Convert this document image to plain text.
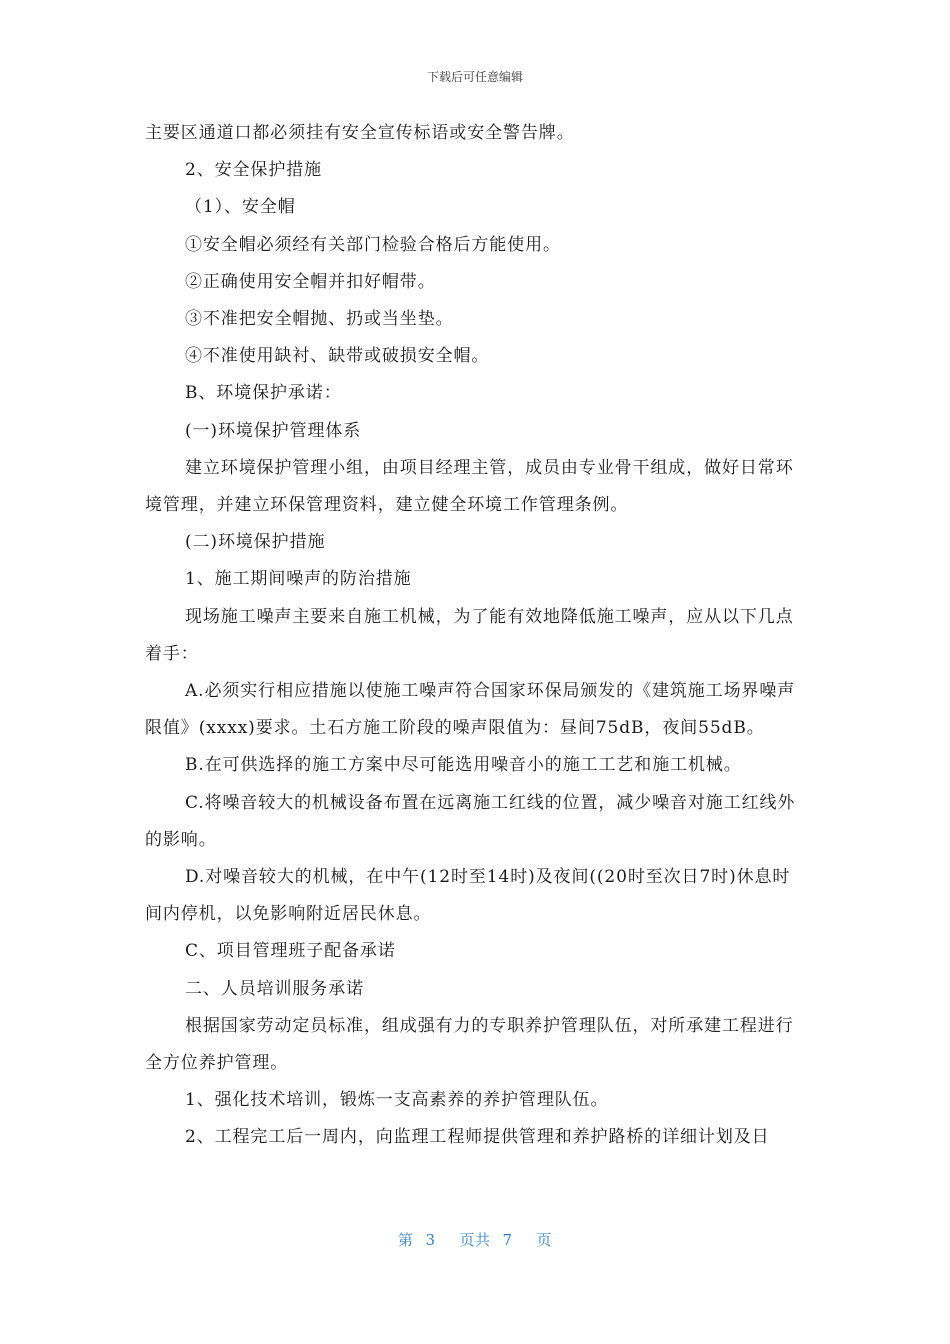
下载后可任意编辑

主要区通道口都必须挂有安全宣传标语或安全警告牌。

2、安全保护措施

（1）、安全帽

①安全帽必须经有关部门检验合格后方能使用。

②正确使用安全帽并扣好帽带。

③不准把安全帽抛、扔或当坐垫。

④不准使用缺衬、缺带或破损安全帽。

B、环境保护承诺：

(一)环境保护管理体系

建立环境保护管理小组，由项目经理主管，成员由专业骨干组成，做好日常环境管理，并建立环保管理资料，建立健全环境工作管理条例。

(二)环境保护措施

1、施工期间噪声的防治措施

现场施工噪声主要来自施工机械，为了能有效地降低施工噪声，应从以下几点着手：

A.必须实行相应措施以使施工噪声符合国家环保局颁发的《建筑施工场界噪声限值》(xxxx)要求。土石方施工阶段的噪声限值为：昼间75dB，夜间55dB。

B.在可供选择的施工方案中尽可能选用噪音小的施工工艺和施工机械。

C.将噪音较大的机械设备布置在远离施工红线的位置，减少噪音对施工红线外的影响。

D.对噪音较大的机械，在中午(12时至14时)及夜间((20时至次日7时)休息时间内停机，以免影响附近居民休息。

C、项目管理班子配备承诺

二、人员培训服务承诺

根据国家劳动定员标准，组成强有力的专职养护管理队伍，对所承建工程进行全方位养护管理。

1、强化技术培训，锻炼一支高素养的养护管理队伍。

2、工程完工后一周内，向监理工程师提供管理和养护路桥的详细计划及日

第 3 页共 7 页
